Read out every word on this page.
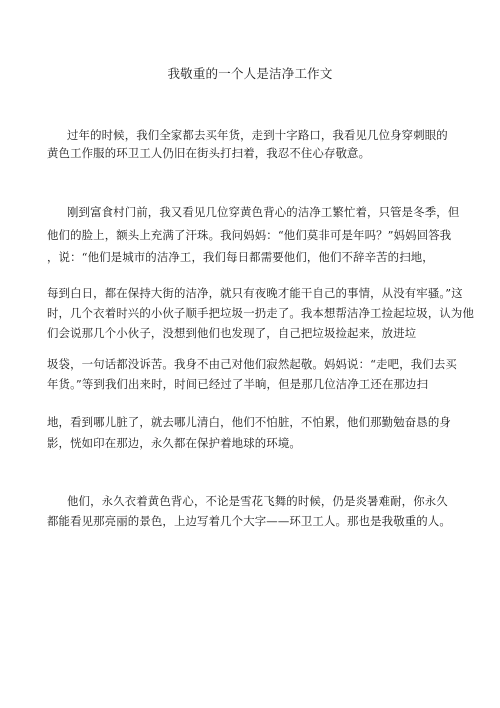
我敬重的一个人是洁净工作文
过年的时候，我们全家都去买年货，走到十字路口，我看见几位身穿刺眼的
黄色工作服的环卫工人仍旧在街头打扫着，我忍不住心存敬意。
刚到富食村门前，我又看见几位穿黄色背心的洁净工繁忙着，只管是冬季，但
他们的脸上，额头上充满了汗珠。我问妈妈：“他们莫非可是年吗？”妈妈回答我
，说：“他们是城市的洁净工，我们每日都需要他们，他们不辞辛苦的扫地，
每到白日，都在保持大街的洁净，就只有夜晚才能干自己的事情，从没有牢骚。”这
时，几个衣着时兴的小伙子顺手把垃圾一扔走了。我本想帮洁净工捡起垃圾，认为他
们会说那几个小伙子，没想到他们也发现了，自己把垃圾捡起来，放进垃
圾袋，一句话都没诉苦。我身不由己对他们寂然起敬。妈妈说：“走吧，我们去买
年货。”等到我们出来时，时间已经过了半晌，但是那几位洁净工还在那边扫
地，看到哪儿脏了，就去哪儿清白，他们不怕脏，不怕累，他们那勤勉奋恳的身
影，恍如印在那边，永久都在保护着地球的环境。
他们，永久衣着黄色背心，不论是雪花飞舞的时候，仍是炎暑难耐，你永久
都能看见那亮丽的景色，上边写着几个大字——环卫工人。那也是我敬重的人。
